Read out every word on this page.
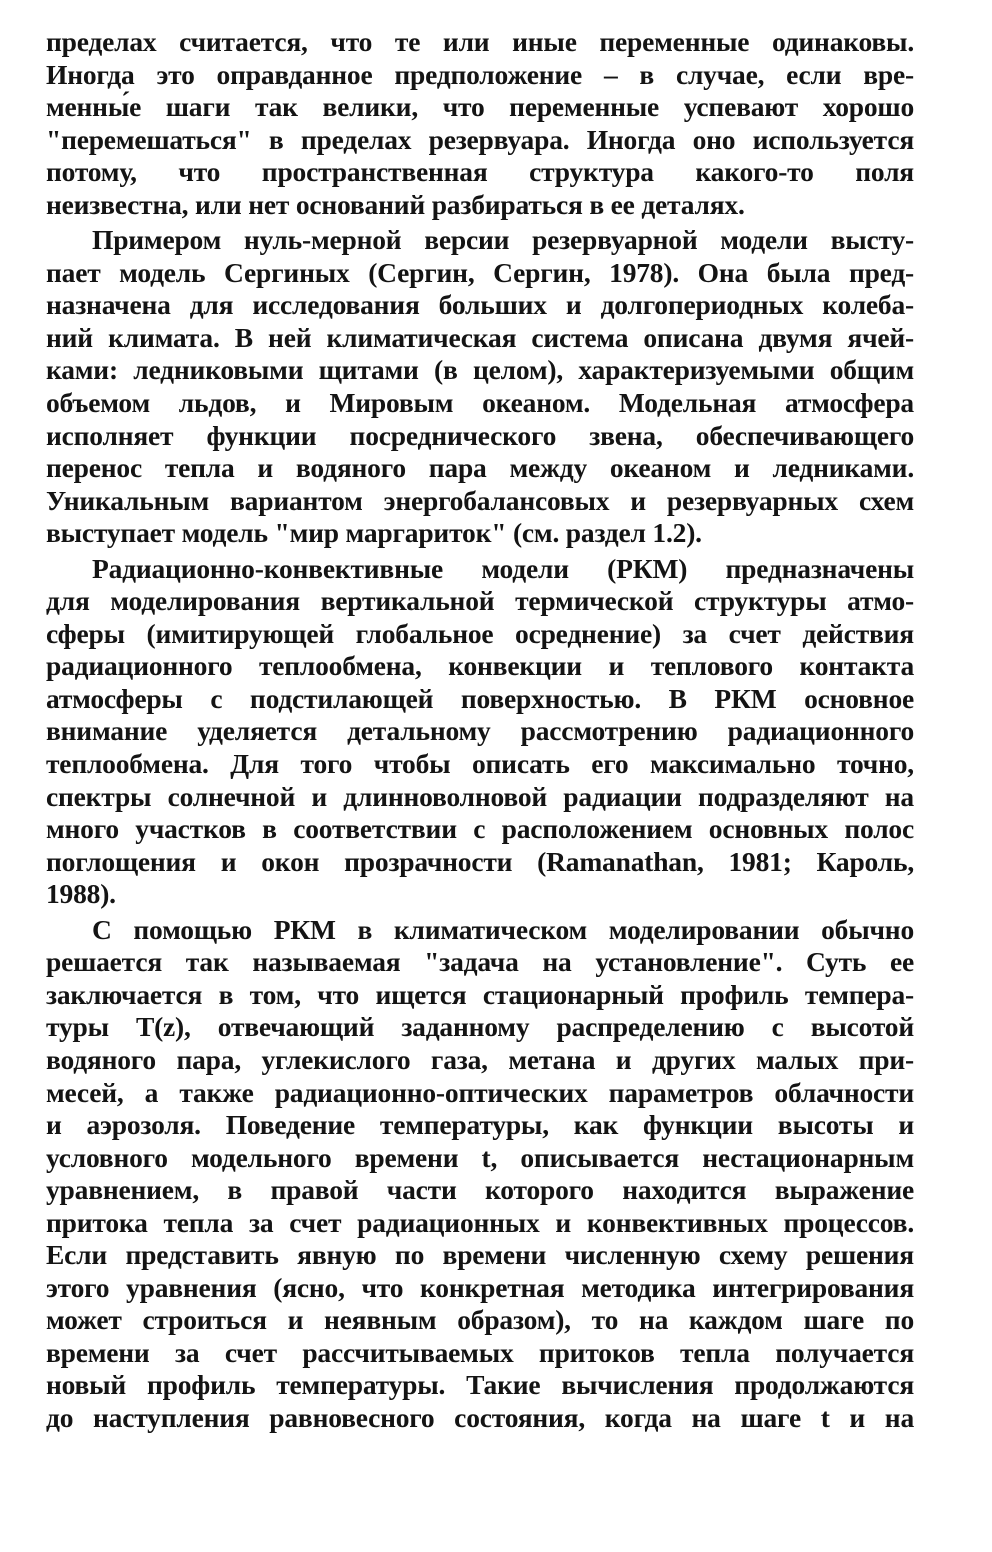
пределах считается, что те или иные переменные одинаковы.
Иногда это оправданное предположение – в случае, если вре-
менны́е шаги так велики, что переменные успевают хорошо
"перемешаться" в пределах резервуара. Иногда оно используется
потому, что пространственная структура какого-то поля
неизвестна, или нет оснований разбираться в ее деталях.
Примером нуль-мерной версии резервуарной модели высту-
пает модель Сергиных (Сергин, Сергин, 1978). Она была пред-
назначена для исследования больших и долгопериодных колеба-
ний климата. В ней климатическая система описана двумя ячей-
ками: ледниковыми щитами (в целом), характеризуемыми общим
объемом льдов, и Мировым океаном. Модельная атмосфера
исполняет функции посреднического звена, обеспечивающего
перенос тепла и водяного пара между океаном и ледниками.
Уникальным вариантом энергобалансовых и резервуарных схем
выступает модель "мир маргариток" (см. раздел 1.2).
Радиационно-конвективные модели (РКМ) предназначены
для моделирования вертикальной термической структуры атмо-
сферы (имитирующей глобальное осреднение) за счет действия
радиационного теплообмена, конвекции и теплового контакта
атмосферы с подстилающей поверхностью. В РКМ основное
внимание уделяется детальному рассмотрению радиационного
теплообмена. Для того чтобы описать его максимально точно,
спектры солнечной и длинноволновой радиации подразделяют на
много участков в соответствии с расположением основных полос
поглощения и окон прозрачности (Ramanathan, 1981; Кароль,
1988).
С помощью РКМ в климатическом моделировании обычно
решается так называемая "задача на установление". Суть ее
заключается в том, что ищется стационарный профиль темпера-
туры T(z), отвечающий заданному распределению с высотой
водяного пара, углекислого газа, метана и других малых при-
месей, а также радиационно-оптических параметров облачности
и аэрозоля. Поведение температуры, как функции высоты и
условного модельного времени t, описывается нестационарным
уравнением, в правой части которого находится выражение
притока тепла за счет радиационных и конвективных процессов.
Если представить явную по времени численную схему решения
этого уравнения (ясно, что конкретная методика интегрирования
может строиться и неявным образом), то на каждом шаге по
времени за счет рассчитываемых притоков тепла получается
новый профиль температуры. Такие вычисления продолжаются
до наступления равновесного состояния, когда на шаге t и на
